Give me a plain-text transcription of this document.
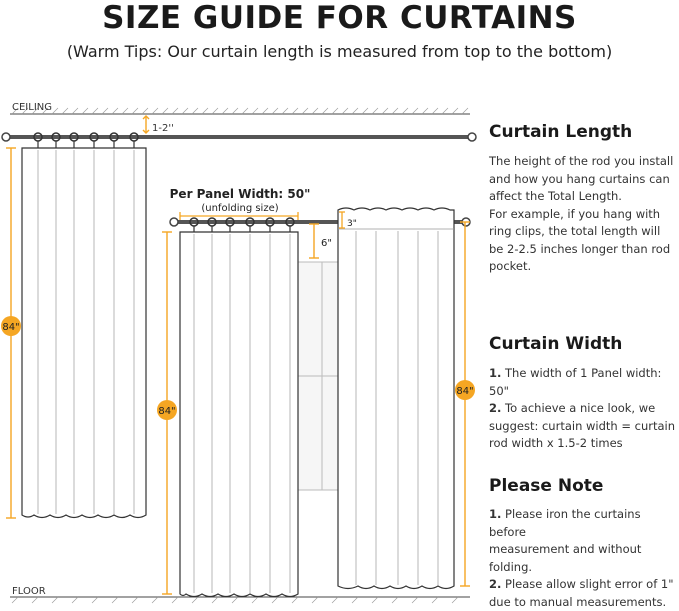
SIZE GUIDE FOR CURTAINS
(Warm Tips: Our curtain length is measured from top to the bottom)
CEILING
FLOOR
1-2''
84"
Per Panel Width: 50"
(unfolding size)
6"
84"
3"
84"
Curtain Length
The height of the rod you install
and how you hang curtains can
affect the Total Length.
For example, if you hang with
ring clips, the total length will
be 2-2.5 inches longer than rod
pocket.
Curtain Width
1. The width of 1 Panel width: 50"
2. To achieve a nice look, we
suggest: curtain width = curtain
rod width x 1.5-2 times
Please Note
1. Please iron the curtains before
measurement and without
folding.
2. Please allow slight error of 1"
due to manual measurements.
